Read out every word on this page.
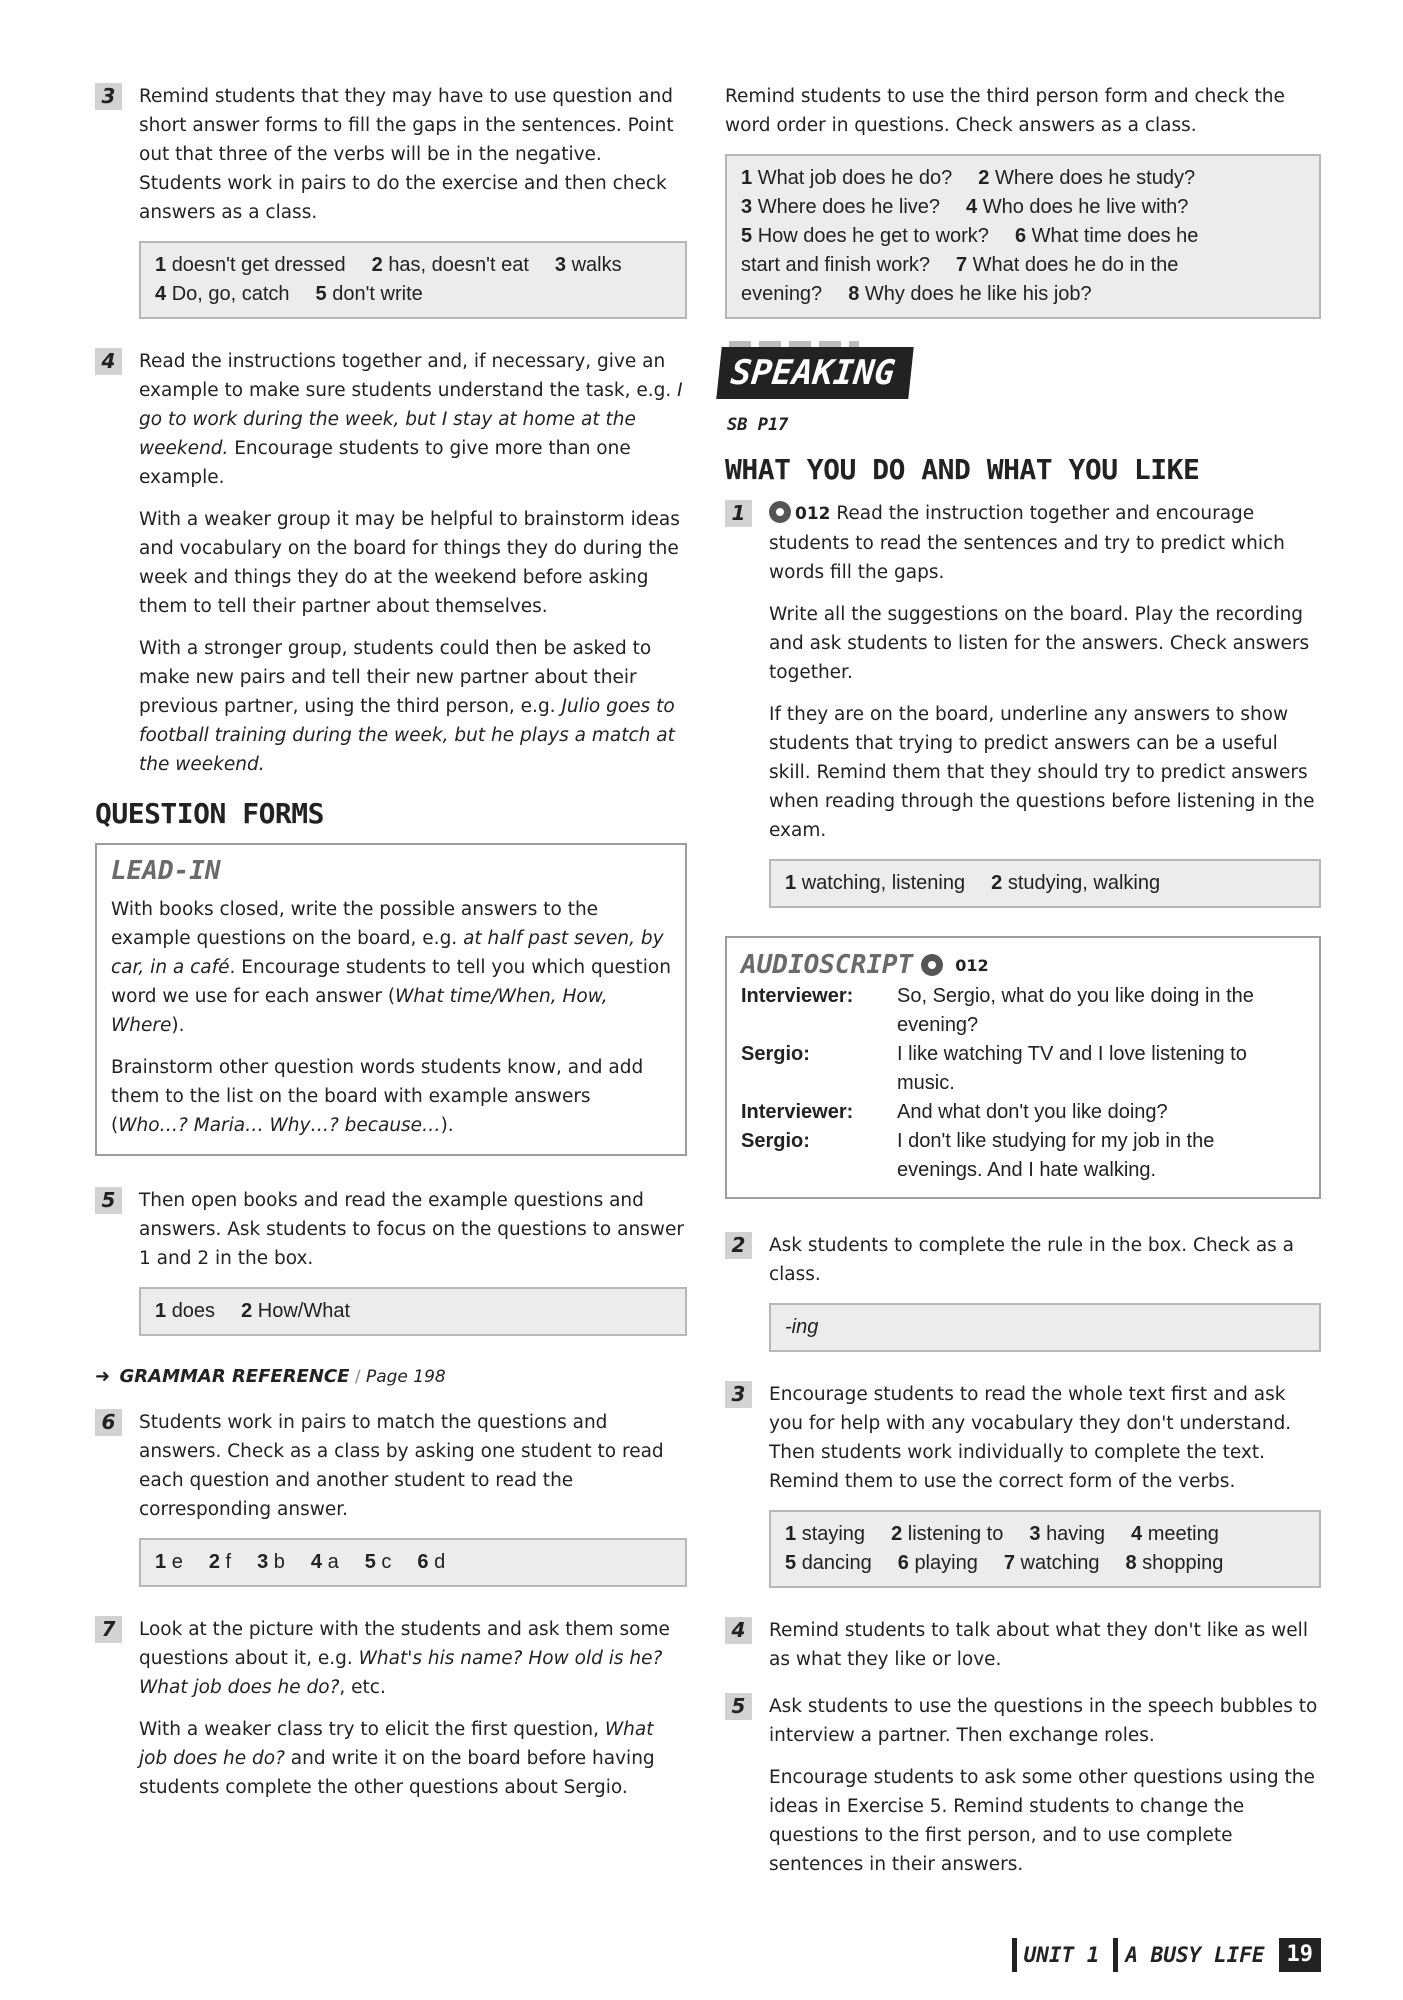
3	Remind students that they may have to use question and short answer forms to fill the gaps in the sentences. Point out that three of the verbs will be in the negative. Students work in pairs to do the exercise and then check answers as a class.

1 doesn't get dressed 2 has, doesn't eat 3 walks
4 Do, go, catch 5 don't write
4	Read the instructions together and, if necessary, give an example to make sure students understand the task, e.g. I go to work during the week, but I stay at home at the weekend. Encourage students to give more than one example.

With a weaker group it may be helpful to brainstorm ideas and vocabulary on the board for things they do during the week and things they do at the weekend before asking them to tell their partner about themselves.

With a stronger group, students could then be asked to make new pairs and tell their new partner about their previous partner, using the third person, e.g. Julio goes to football training during the week, but he plays a match at the weekend.

QUESTION FORMS
LEAD-IN

With books closed, write the possible answers to the example questions on the board, e.g. at half past seven, by car, in a café. Encourage students to tell you which question word we use for each answer (What time/When, How, Where).

Brainstorm other question words students know, and add them to the list on the board with example answers (Who…? Maria… Why…? because…).

5	Then open books and read the example questions and answers. Ask students to focus on the questions to answer 1 and 2 in the box.

1 does 2 How/What
➜ GRAMMAR REFERENCE / Page 198
6	Students work in pairs to match the questions and answers. Check as a class by asking one student to read each question and another student to read the corresponding answer.

1 e 2 f 3 b 4 a 5 c 6 d
7	Look at the picture with the students and ask them some questions about it, e.g. What's his name? How old is he? What job does he do?, etc.

With a weaker class try to elicit the first question, What job does he do? and write it on the board before having students complete the other questions about Sergio.

Remind students to use the third person form and check the word order in questions. Check answers as a class.

1 What job does he do? 2 Where does he study?
3 Where does he live? 4 Who does he live with?
5 How does he get to work? 6 What time does he
start and finish work? 7 What does he do in the
evening? 8 Why does he like his job?
SPEAKING
SB P17
WHAT YOU DO AND WHAT YOU LIKE
1	012 Read the instruction together and encourage students to read the sentences and try to predict which words fill the gaps.

Write all the suggestions on the board. Play the recording and ask students to listen for the answers. Check answers together.

If they are on the board, underline any answers to show students that trying to predict answers can be a useful skill. Remind them that they should try to predict answers when reading through the questions before listening in the exam.

1 watching, listening 2 studying, walking
AUDIOSCRIPT	012
Interviewer:	So, Sergio, what do you like doing in the evening?
Sergio:	I like watching TV and I love listening to music.
Interviewer:	And what don't you like doing?
Sergio:	I don't like studying for my job in the evenings. And I hate walking.
2	Ask students to complete the rule in the box. Check as a class.

-ing
3	Encourage students to read the whole text first and ask you for help with any vocabulary they don't understand. Then students work individually to complete the text. Remind them to use the correct form of the verbs.

1 staying 2 listening to 3 having 4 meeting
5 dancing 6 playing 7 watching 8 shopping
4	Remind students to talk about what they don't like as well as what they like or love.

5	Ask students to use the questions in the speech bubbles to interview a partner. Then exchange roles.

Encourage students to ask some other questions using the ideas in Exercise 5. Remind students to change the questions to the first person, and to use complete sentences in their answers.

UNIT 1	A BUSY LIFE	19
